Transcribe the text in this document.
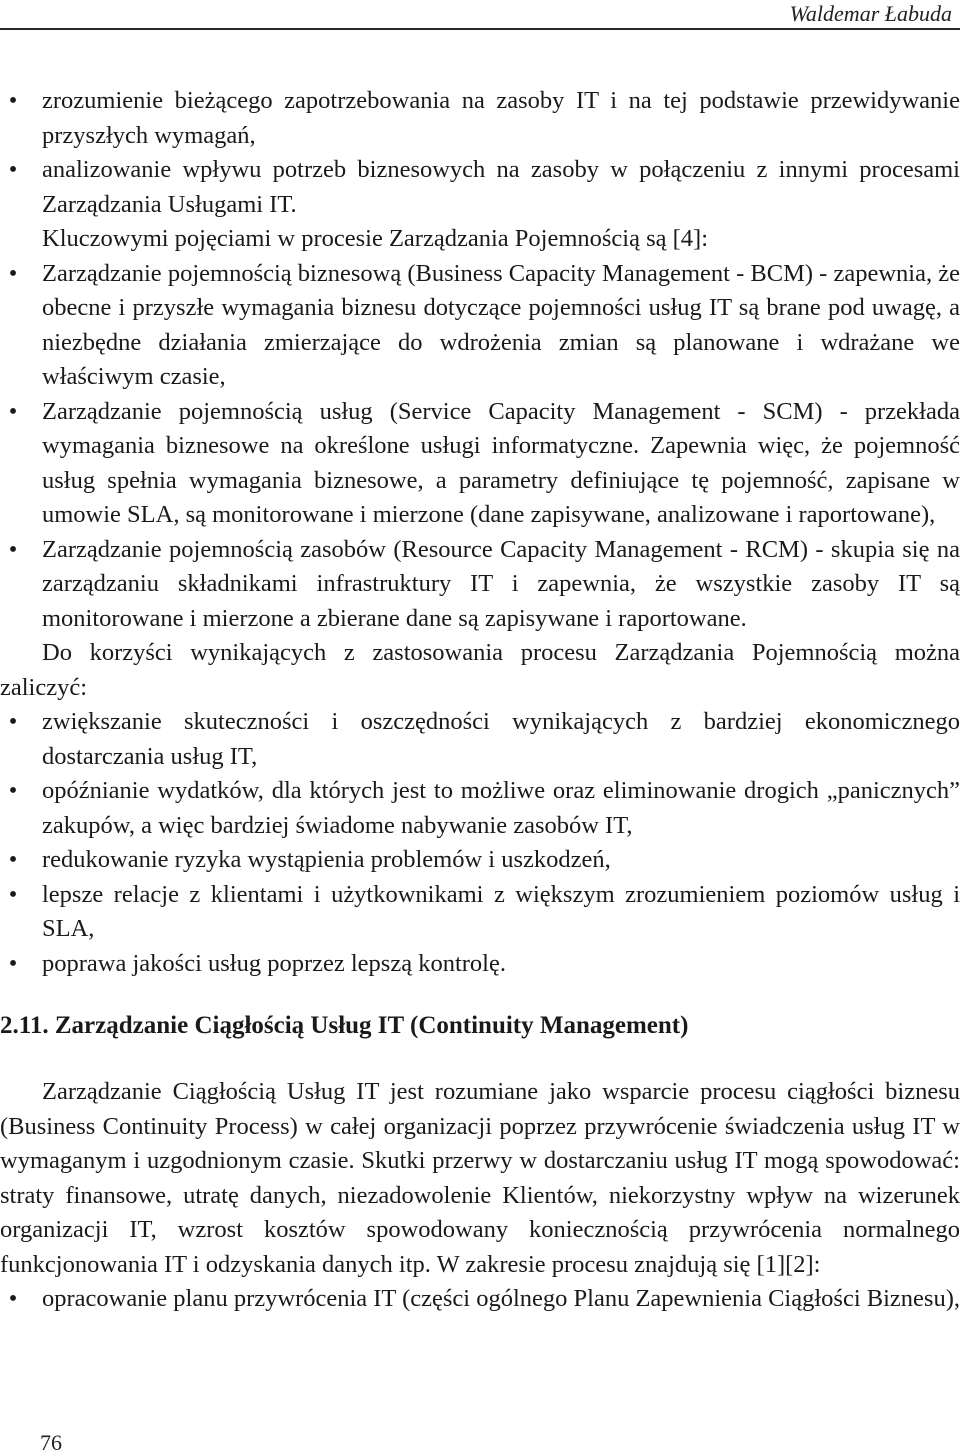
Waldemar Łabuda

•
zrozumienie bieżącego zapotrzebowania na zasoby IT i na tej podstawie przewidywanie przyszłych wymagań,

•
analizowanie wpływu potrzeb biznesowych na zasoby w połączeniu z innymi procesami Zarządzania Usługami IT.

Kluczowymi pojęciami w procesie Zarządzania Pojemnością są [4]:

•
Zarządzanie pojemnością biznesową (Business Capacity Management - BCM) - zapewnia, że obecne i przyszłe wymagania biznesu dotyczące pojemności usług IT są brane pod uwagę, a niezbędne działania zmierzające do wdrożenia zmian są planowane i wdrażane we właściwym czasie,

•
Zarządzanie pojemnością usług (Service Capacity Management - SCM) - przekłada wymagania biznesowe na określone usługi informatyczne. Zapewnia więc, że pojemność usług spełnia wymagania biznesowe, a parametry definiujące tę pojemność, zapisane w umowie SLA, są monitorowane i mierzone (dane zapisywane, analizowane i raportowane),

•
Zarządzanie pojemnością zasobów (Resource Capacity Management - RCM) - skupia się na zarządzaniu składnikami infrastruktury IT i zapewnia, że wszystkie zasoby IT są monitorowane i mierzone a zbierane dane są zapisywane i raportowane.

Do korzyści wynikających z zastosowania procesu Zarządzania Pojemnością można zaliczyć:

•
zwiększanie skuteczności i oszczędności wynikających z bardziej ekonomicznego dostarczania usług IT,

•
opóźnianie wydatków, dla których jest to możliwe oraz eliminowanie drogich „panicznych” zakupów, a więc bardziej świadome nabywanie zasobów IT,

•
redukowanie ryzyka wystąpienia problemów i uszkodzeń,

•
lepsze relacje z klientami i użytkownikami z większym zrozumieniem poziomów usług i SLA,

•
poprawa jakości usług poprzez lepszą kontrolę.

2.11. Zarządzanie Ciągłością Usług IT (Continuity Management)

Zarządzanie Ciągłością Usług IT jest rozumiane jako wsparcie procesu ciągłości biznesu (Business Continuity Process) w całej organizacji poprzez przywrócenie świadczenia usług IT w wymaganym i uzgodnionym czasie. Skutki przerwy w dostarczaniu usług IT mogą spowodować: straty finansowe, utratę danych, niezadowolenie Klientów, niekorzystny wpływ na wizerunek organizacji IT, wzrost kosztów spowodowany koniecznością przywrócenia normalnego funkcjonowania IT i odzyskania danych itp. W zakresie procesu znajdują się [1][2]:

•
opracowanie planu przywrócenia IT (części ogólnego Planu Zapewnienia Ciągłości Biznesu),

76
